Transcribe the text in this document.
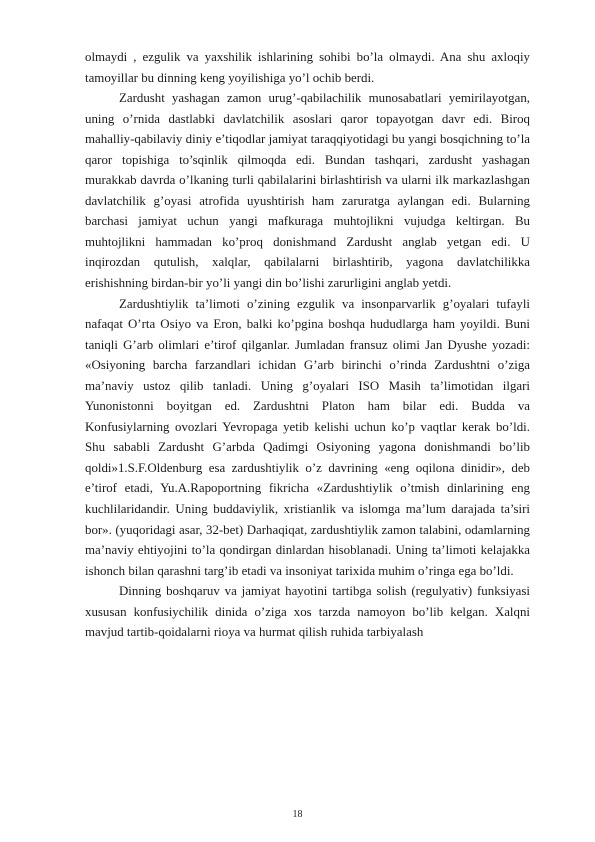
olmaydi , ezgulik va yaxshilik ishlarining sohibi bo’la olmaydi. Ana shu axloqiy tamoyillar bu dinning keng yoyilishiga yo’l ochib berdi.

Zardusht yashagan zamon urug’-qabilachilik munosabatlari yemirilayotgan, uning o’rnida dastlabki davlatchilik asoslari qaror topayotgan davr edi. Biroq mahalliy-qabilaviy diniy e’tiqodlar jamiyat taraqqiyotidagi bu yangi bosqichning to’la qaror topishiga to’sqinlik qilmoqda edi. Bundan tashqari, zardusht yashagan murakkab davrda o’lkaning turli qabilalarini birlashtirish va ularni ilk markazlashgan davlatchilik g’oyasi atrofida uyushtirish ham zaruratga aylangan edi. Bularning barchasi jamiyat uchun yangi mafkuraga muhtojlikni vujudga keltirgan. Bu muhtojlikni hammadan ko’proq donishmand Zardusht anglab yetgan edi. U inqirozdan qutulish, xalqlar, qabilalarni birlashtirib, yagona davlatchilikka erishishning birdan-bir yo’li yangi din bo’lishi zarurligini anglab yetdi.

Zardushtiylik ta’limoti o’zining ezgulik va insonparvarlik g’oyalari tufayli nafaqat O’rta Osiyo va Eron, balki ko’pgina boshqa hududlarga ham yoyildi. Buni taniqli G’arb olimlari e’tirof qilganlar. Jumladan fransuz olimi Jan Dyushe yozadi: «Osiyoning barcha farzandlari ichidan G’arb birinchi o’rinda Zardushtni o’ziga ma’naviy ustoz qilib tanladi. Uning g’oyalari ISO Masih ta’limotidan ilgari Yunonistonni boyitgan ed. Zardushtni Platon ham bilar edi. Budda va Konfusiylarning ovozlari Yevropaga yetib kelishi uchun ko’p vaqtlar kerak bo’ldi. Shu sababli Zardusht G’arbda Qadimgi Osiyoning yagona donishmandi bo’lib qoldi»1.S.F.Oldenburg esa zardushtiylik o’z davrining «eng oqilona dinidir», deb e’tirof etadi, Yu.A.Rapoportning fikricha «Zardushtiylik o’tmish dinlarining eng kuchlilaridandir. Uning buddaviylik, xristianlik va islomga ma’lum darajada ta’siri bor». (yuqoridagi asar, 32-bet) Darhaqiqat, zardushtiylik zamon talabini, odamlarning ma’naviy ehtiyojini to’la qondirgan dinlardan hisoblanadi. Uning ta’limoti kelajakka ishonch bilan qarashni targ’ib etadi va insoniyat tarixida muhim o’ringa ega bo’ldi.

Dinning boshqaruv va jamiyat hayotini tartibga solish (regulyativ) funksiyasi xususan konfusiychilik dinida o’ziga xos tarzda namoyon bo’lib kelgan. Xalqni mavjud tartib-qoidalarni rioya va hurmat qilish ruhida tarbiyalash

18
